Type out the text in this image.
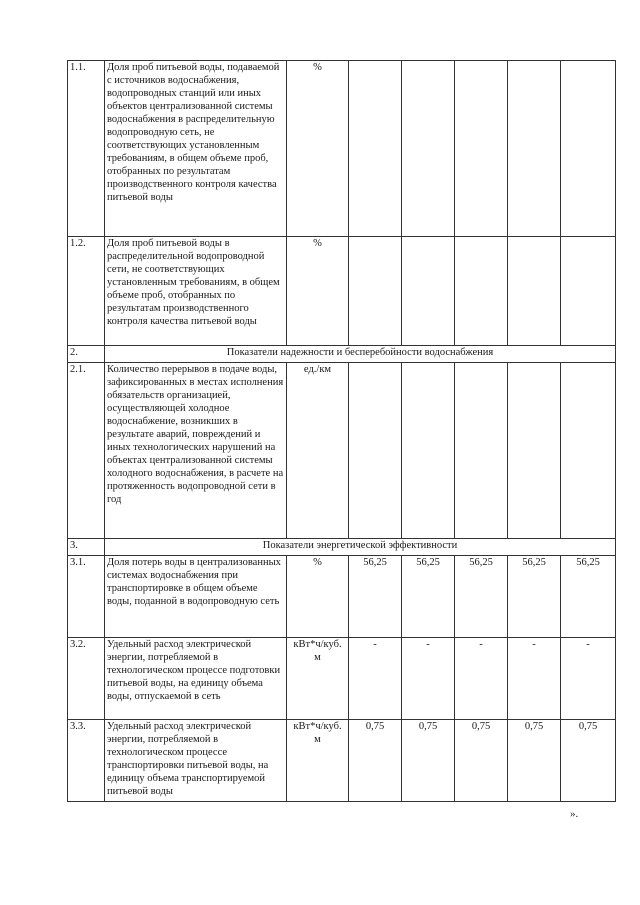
1.1.	Доля проб питьевой воды, подаваемой с источников водоснабжения, водопроводных станций или иных объектов централизованной системы водоснабжения в распределительную водопроводную сеть, не соответствующих установленным требованиям, в общем объеме проб, отобранных по результатам производственного контроля качества питьевой воды	%					
1.2.	Доля проб питьевой воды в распределительной водопроводной сети, не соответствующих установленным требованиям, в общем объеме проб, отобранных по результатам производственного контроля качества питьевой воды	%					
2.	Показатели надежности и бесперебойности водоснабжения						
2.1.	Количество перерывов в подаче воды, зафиксированных в местах исполнения обязательств организацией, осуществляющей холодное водоснабжение, возникших в результате аварий, повреждений и иных технологических нарушений на объектах централизованной системы холодного водоснабжения, в расчете на протяженность водопроводной сети в год	ед./км					
3.	Показатели энергетической эффективности						
3.1.	Доля потерь воды в централизованных системах водоснабжения при транспортировке в общем объеме воды, поданной в водопроводную сеть	%	56,25	56,25	56,25	56,25	56,25
3.2.	Удельный расход электрической энергии, потребляемой в технологическом процессе подготовки питьевой воды, на единицу объема воды, отпускаемой в сеть	кВт*ч/куб. м	-	-	-	-	-
3.3.	Удельный расход электрической энергии, потребляемой в технологическом процессе транспортировки питьевой воды, на единицу объема транспортируемой питьевой воды	кВт*ч/куб. м	0,75	0,75	0,75	0,75	0,75
».
